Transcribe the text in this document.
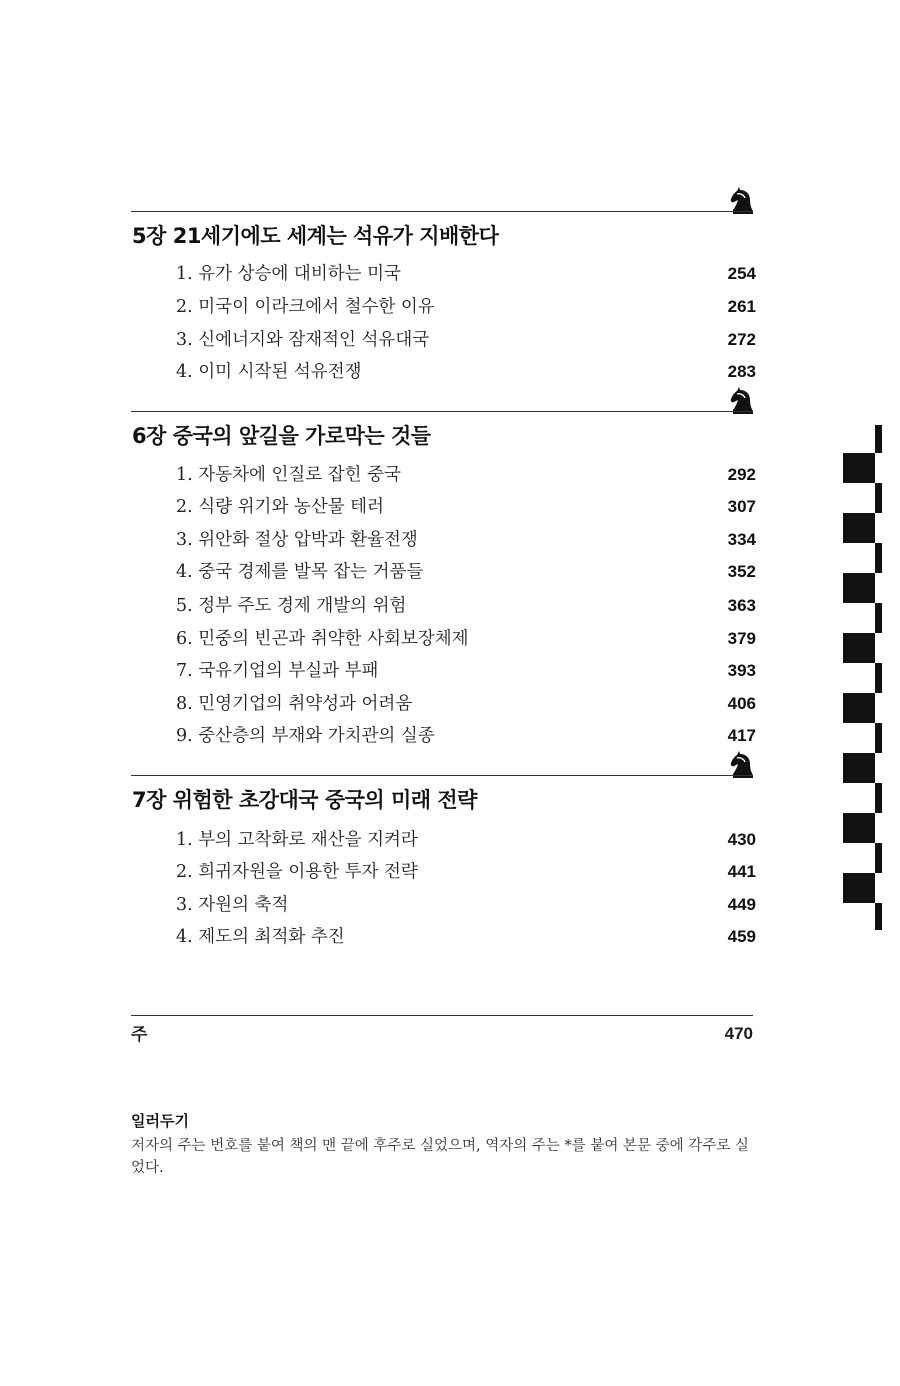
5장 21세기에도 세계는 석유가 지배한다
1. 유가 상승에 대비하는 미국	254
2. 미국이 이라크에서 철수한 이유	261
3. 신에너지와 잠재적인 석유대국	272
4. 이미 시작된 석유전쟁	283
6장 중국의 앞길을 가로막는 것들
1. 자동차에 인질로 잡힌 중국	292
2. 식량 위기와 농산물 테러	307
3. 위안화 절상 압박과 환율전쟁	334
4. 중국 경제를 발목 잡는 거품들	352
5. 정부 주도 경제 개발의 위험	363
6. 민중의 빈곤과 취약한 사회보장체제	379
7. 국유기업의 부실과 부패	393
8. 민영기업의 취약성과 어려움	406
9. 중산층의 부재와 가치관의 실종	417
7장 위험한 초강대국 중국의 미래 전략
1. 부의 고착화로 재산을 지켜라	430
2. 희귀자원을 이용한 투자 전략	441
3. 자원의 축적	449
4. 제도의 최적화 추진	459
주	470
일러두기
저자의 주는 번호를 붙여 책의 맨 끝에 후주로 실었으며, 역자의 주는 *를 붙여 본문 중에 각주로 실었다.
